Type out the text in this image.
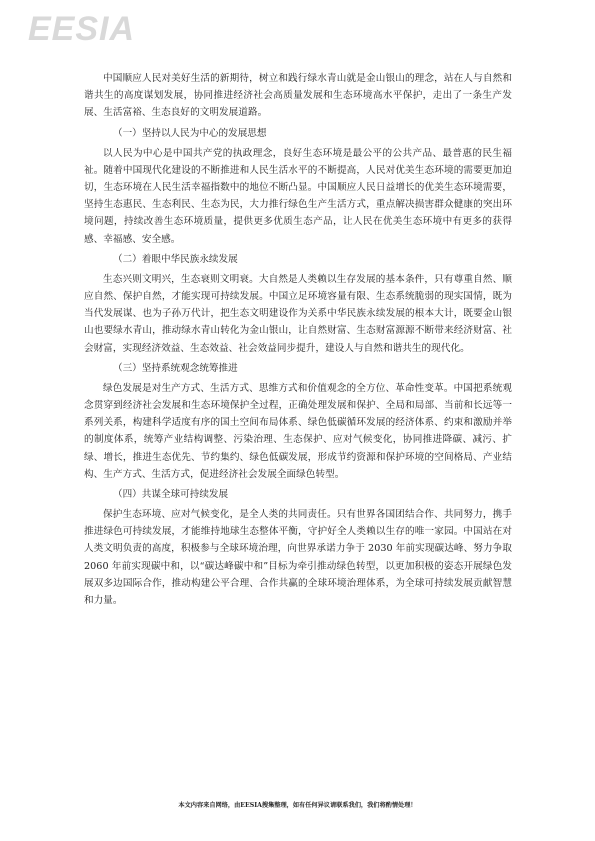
EESIA

中国顺应人民对美好生活的新期待，树立和践行绿水青山就是金山银山的理念，站在人与自然和谐共生的高度谋划发展，协同推进经济社会高质量发展和生态环境高水平保护，走出了一条生产发展、生活富裕、生态良好的文明发展道路。

（一）坚持以人民为中心的发展思想

以人民为中心是中国共产党的执政理念，良好生态环境是最公平的公共产品、最普惠的民生福祉。随着中国现代化建设的不断推进和人民生活水平的不断提高，人民对优美生态环境的需要更加迫切，生态环境在人民生活幸福指数中的地位不断凸显。中国顺应人民日益增长的优美生态环境需要，坚持生态惠民、生态利民、生态为民，大力推行绿色生产生活方式，重点解决损害群众健康的突出环境问题，持续改善生态环境质量，提供更多优质生态产品，让人民在优美生态环境中有更多的获得感、幸福感、安全感。

（二）着眼中华民族永续发展

生态兴则文明兴，生态衰则文明衰。大自然是人类赖以生存发展的基本条件，只有尊重自然、顺应自然、保护自然，才能实现可持续发展。中国立足环境容量有限、生态系统脆弱的现实国情，既为当代发展谋、也为子孙万代计，把生态文明建设作为关系中华民族永续发展的根本大计，既要金山银山也要绿水青山，推动绿水青山转化为金山银山，让自然财富、生态财富源源不断带来经济财富、社会财富，实现经济效益、生态效益、社会效益同步提升，建设人与自然和谐共生的现代化。

（三）坚持系统观念统筹推进

绿色发展是对生产方式、生活方式、思维方式和价值观念的全方位、革命性变革。中国把系统观念贯穿到经济社会发展和生态环境保护全过程，正确处理发展和保护、全局和局部、当前和长远等一系列关系，构建科学适度有序的国土空间布局体系、绿色低碳循环发展的经济体系、约束和激励并举的制度体系，统筹产业结构调整、污染治理、生态保护、应对气候变化，协同推进降碳、减污、扩绿、增长，推进生态优先、节约集约、绿色低碳发展，形成节约资源和保护环境的空间格局、产业结构、生产方式、生活方式，促进经济社会发展全面绿色转型。

（四）共谋全球可持续发展

保护生态环境、应对气候变化，是全人类的共同责任。只有世界各国团结合作、共同努力，携手推进绿色可持续发展，才能维持地球生态整体平衡，守护好全人类赖以生存的唯一家园。中国站在对人类文明负责的高度，积极参与全球环境治理，向世界承诺力争于 2030 年前实现碳达峰、努力争取 2060 年前实现碳中和，以“碳达峰碳中和”目标为牵引推动绿色转型，以更加积极的姿态开展绿色发展双多边国际合作，推动构建公平合理、合作共赢的全球环境治理体系，为全球可持续发展贡献智慧和力量。

本文内容来自网络，由EESIA搜集整理，如有任何异议请联系我们，我们将酌情处理！
